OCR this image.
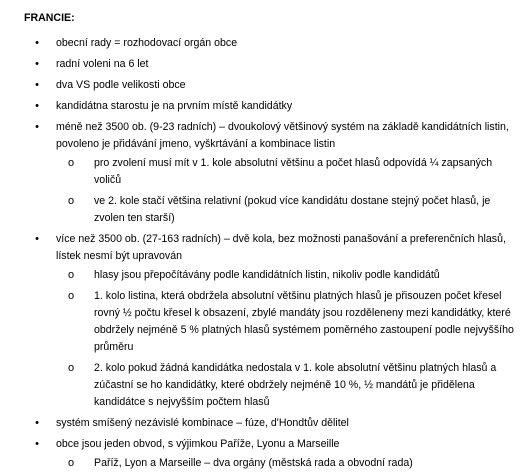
FRANCIE:
• obecní rady = rozhodovací orgán obce
• radní voleni na 6 let
• dva VS podle velikosti obce
• kandidátna starostu je na prvním místě kandidátky
• méně než 3500 ob. (9-23 radních) – dvoukolový většinový systém na základě kandidátních listin, povoleno je přidávání jmeno, vyškrtávání a kombinace listin
o pro zvolení musí mít v 1. kole absolutní většinu a počet hlasů odpovídá ¼ zapsaných voličů
o ve 2. kole stačí většina relativní (pokud více kandidátu dostane stejný počet hlasů, je zvolen ten starší)
• více než 3500 ob. (27-163 radních) – dvě kola, bez možnosti panašování a preferenčních hlasů, lístek nesmí být upravován
o hlasy jsou přepočítávány podle kandidátních listin, nikoliv podle kandidátů
o 1. kolo listina, která obdržela absolutní většinu platných hlasů je přisouzen počet křesel rovný ½ počtu křesel k obsazení, zbylé mandáty jsou rozděleneny mezi kandidátky, které obdržely nejméně 5 % platných hlasů systémem poměrného zastoupení podle nejvyššího průměru
o 2. kolo pokud žádná kandidátka nedostala v 1. kole absolutní většinu platných hlasů a zúčastní se ho kandidátky, které obdržely nejméně 10 %, ½ mandátů je přidělena kandidátce s nejvyšším počtem hlasů
• systém smíšený nezávislé kombinace – fúze, d'Hondtův dělitel
• obce jsou jeden obvod, s výjimkou Paříže, Lyonu a Marseille
o Paříž, Lyon a Marseille – dva orgány (městská rada a obvodní rada)
